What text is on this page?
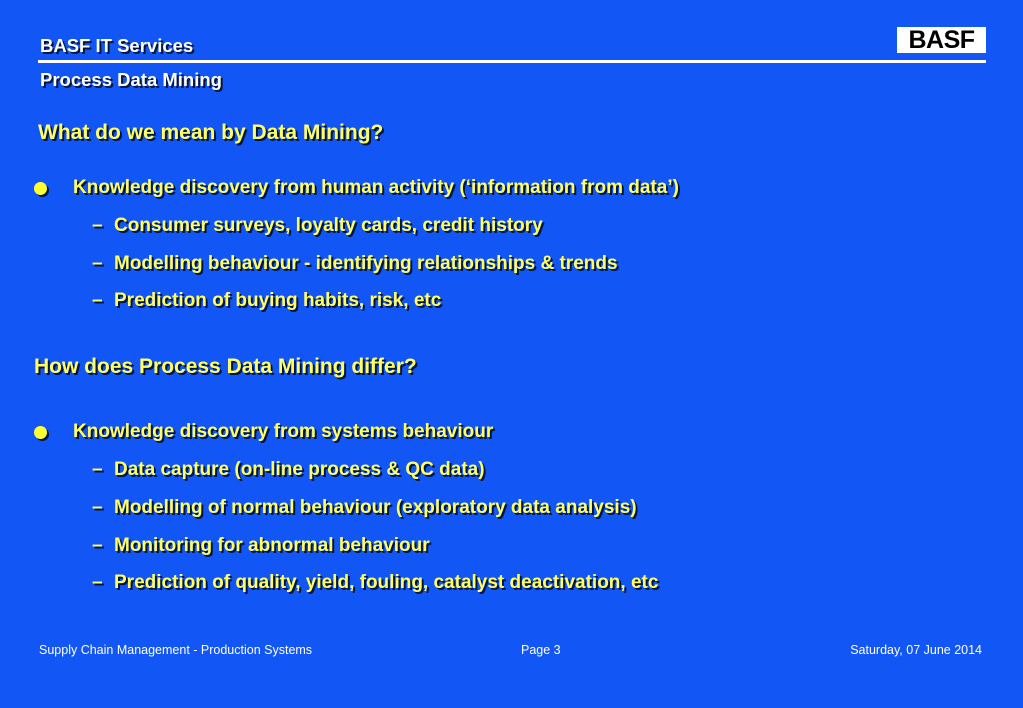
BASF IT Services
Process Data Mining
BASF
What do we mean by Data Mining?
Knowledge discovery from human activity (‘information from data’)
– Consumer surveys, loyalty cards, credit history
– Modelling behaviour - identifying relationships & trends
– Prediction of buying habits, risk, etc
How does Process Data Mining differ?
Knowledge discovery from systems behaviour
– Data capture (on-line process & QC data)
– Modelling of normal behaviour (exploratory data analysis)
– Monitoring for abnormal behaviour
– Prediction of quality, yield, fouling, catalyst deactivation, etc
Supply Chain Management - Production Systems	Page 3	Saturday, 07 June 2014
